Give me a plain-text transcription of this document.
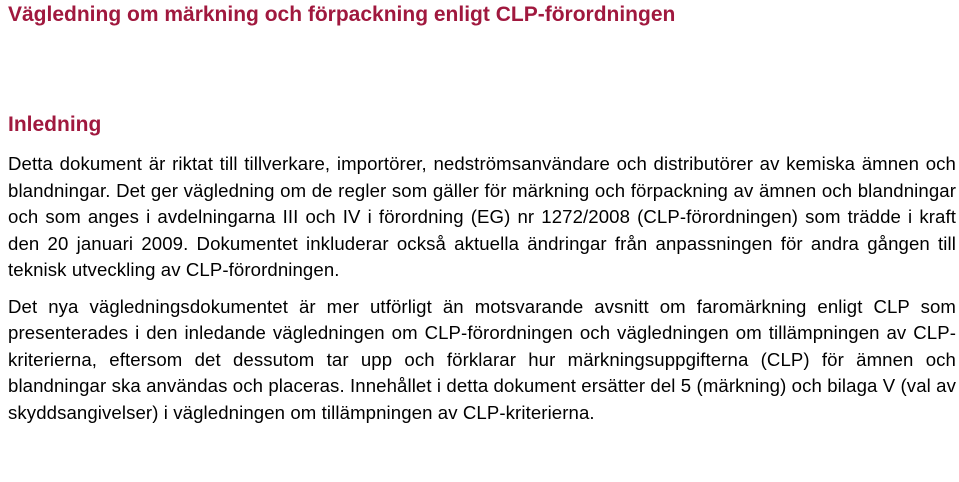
Vägledning om märkning och förpackning enligt CLP-förordningen
Inledning

Detta dokument är riktat till tillverkare, importörer, nedströmsanvändare och distributörer av kemiska ämnen och blandningar. Det ger vägledning om de regler som gäller för märkning och förpackning av ämnen och blandningar och som anges i avdelningarna III och IV i förordning (EG) nr 1272/2008 (CLP-förordningen) som trädde i kraft den 20 januari 2009. Dokumentet inkluderar också aktuella ändringar från anpassningen för andra gången till teknisk utveckling av CLP-förordningen.

Det nya vägledningsdokumentet är mer utförligt än motsvarande avsnitt om faromärkning enligt CLP som presenterades i den inledande vägledningen om CLP-förordningen och vägledningen om tillämpningen av CLP-kriterierna, eftersom det dessutom tar upp och förklarar hur märkningsuppgifterna (CLP) för ämnen och blandningar ska användas och placeras. Innehållet i detta dokument ersätter del 5 (märkning) och bilaga V (val av skyddsangivelser) i vägledningen om tillämpningen av CLP-kriterierna.
